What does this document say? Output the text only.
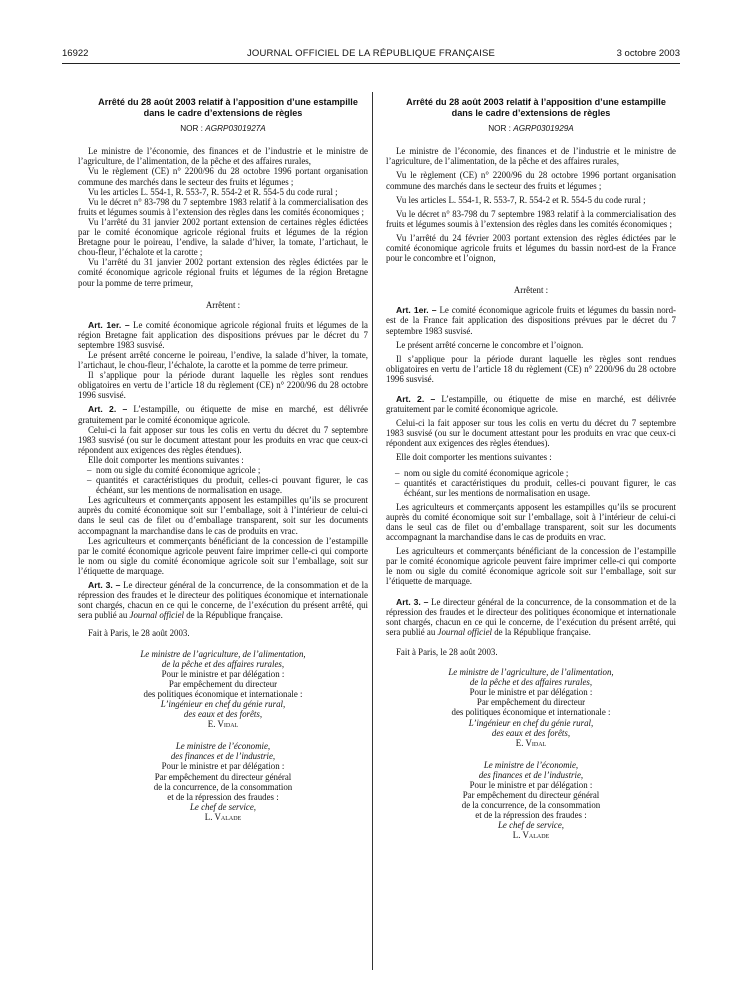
16922	JOURNAL OFFICIEL DE LA RÉPUBLIQUE FRANÇAISE	3 octobre 2003

Arrêté du 28 août 2003 relatif à l’apposition d’une estampille dans le cadre d’extensions de règles

NOR : AGRP0301927A

Le ministre de l’économie, des finances et de l’industrie et le ministre de l’agriculture, de l’alimentation, de la pêche et des affaires rurales,

Vu le règlement (CE) n° 2200/96 du 28 octobre 1996 portant organisation commune des marchés dans le secteur des fruits et légumes ;

Vu les articles L. 554-1, R. 553-7, R. 554-2 et R. 554-5 du code rural ;

Vu le décret n° 83-798 du 7 septembre 1983 relatif à la commercialisation des fruits et légumes soumis à l’extension des règles dans les comités économiques ;

Vu l’arrêté du 31 janvier 2002 portant extension de certaines règles édictées par le comité économique agricole régional fruits et légumes de la région Bretagne pour le poireau, l’endive, la salade d’hiver, la tomate, l’artichaut, le chou-fleur, l’échalote et la carotte ;

Vu l’arrêté du 31 janvier 2002 portant extension des règles édictées par le comité économique agricole régional fruits et légumes de la région Bretagne pour la pomme de terre primeur,

Arrêtent :

Art. 1er. – Le comité économique agricole régional fruits et légumes de la région Bretagne fait application des dispositions prévues par le décret du 7 septembre 1983 susvisé.

Le présent arrêté concerne le poireau, l’endive, la salade d’hiver, la tomate, l’artichaut, le chou-fleur, l’échalote, la carotte et la pomme de terre primeur.

Il s’applique pour la période durant laquelle les règles sont rendues obligatoires en vertu de l’article 18 du règlement (CE) n° 2200/96 du 28 octobre 1996 susvisé.

Art. 2. – L’estampille, ou étiquette de mise en marché, est délivrée gratuitement par le comité économique agricole.

Celui-ci la fait apposer sur tous les colis en vertu du décret du 7 septembre 1983 susvisé (ou sur le document attestant pour les produits en vrac que ceux-ci répondent aux exigences des règles étendues).

Elle doit comporter les mentions suivantes :

– nom ou sigle du comité économique agricole ;
– quantités et caractéristiques du produit, celles-ci pouvant figurer, le cas échéant, sur les mentions de normalisation en usage.

Les agriculteurs et commerçants apposent les estampilles qu’ils se procurent auprès du comité économique soit sur l’emballage, soit à l’intérieur de celui-ci dans le seul cas de filet ou d’emballage transparent, soit sur les documents accompagnant la marchandise dans le cas de produits en vrac.

Les agriculteurs et commerçants bénéficiant de la concession de l’estampille par le comité économique agricole peuvent faire imprimer celle-ci qui comporte le nom ou sigle du comité économique agricole soit sur l’emballage, soit sur l’étiquette de marquage.

Art. 3. – Le directeur général de la concurrence, de la consommation et de la répression des fraudes et le directeur des politiques économique et internationale sont chargés, chacun en ce qui le concerne, de l’exécution du présent arrêté, qui sera publié au Journal officiel de la République française.

Fait à Paris, le 28 août 2003.

Le ministre de l’agriculture, de l’alimentation,

de la pêche et des affaires rurales,

Pour le ministre et par délégation :

Par empêchement du directeur

des politiques économique et internationale :

L’ingénieur en chef du génie rural,

des eaux et des forêts,

E. Vidal

Le ministre de l’économie,

des finances et de l’industrie,

Pour le ministre et par délégation :

Par empêchement du directeur général

de la concurrence, de la consommation

et de la répression des fraudes :

Le chef de service,

L. Valade

Arrêté du 28 août 2003 relatif à l’apposition d’une estampille dans le cadre d’extensions de règles

NOR : AGRP0301929A

Le ministre de l’économie, des finances et de l’industrie et le ministre de l’agriculture, de l’alimentation, de la pêche et des affaires rurales,

Vu le règlement (CE) n° 2200/96 du 28 octobre 1996 portant organisation commune des marchés dans le secteur des fruits et légumes ;

Vu les articles L. 554-1, R. 553-7, R. 554-2 et R. 554-5 du code rural ;

Vu le décret n° 83-798 du 7 septembre 1983 relatif à la commercialisation des fruits et légumes soumis à l’extension des règles dans les comités économiques ;

Vu l’arrêté du 24 février 2003 portant extension des règles édictées par le comité économique agricole fruits et légumes du bassin nord-est de la France pour le concombre et l’oignon,

Arrêtent :

Art. 1er. – Le comité économique agricole fruits et légumes du bassin nord-est de la France fait application des dispositions prévues par le décret du 7 septembre 1983 susvisé.

Le présent arrêté concerne le concombre et l’oignon.

Il s’applique pour la période durant laquelle les règles sont rendues obligatoires en vertu de l’article 18 du règlement (CE) n° 2200/96 du 28 octobre 1996 susvisé.

Art. 2. – L’estampille, ou étiquette de mise en marché, est délivrée gratuitement par le comité économique agricole.

Celui-ci la fait apposer sur tous les colis en vertu du décret du 7 septembre 1983 susvisé (ou sur le document attestant pour les produits en vrac que ceux-ci répondent aux exigences des règles étendues).

Elle doit comporter les mentions suivantes :

– nom ou sigle du comité économique agricole ;
– quantités et caractéristiques du produit, celles-ci pouvant figurer, le cas échéant, sur les mentions de normalisation en usage.

Les agriculteurs et commerçants apposent les estampilles qu’ils se procurent auprès du comité économique soit sur l’emballage, soit à l’intérieur de celui-ci dans le seul cas de filet ou d’emballage transparent, soit sur les documents accompagnant la marchandise dans le cas de produits en vrac.

Les agriculteurs et commerçants bénéficiant de la concession de l’estampille par le comité économique agricole peuvent faire imprimer celle-ci qui comporte le nom ou sigle du comité économique agricole soit sur l’emballage, soit sur l’étiquette de marquage.

Art. 3. – Le directeur général de la concurrence, de la consommation et de la répression des fraudes et le directeur des politiques économique et internationale sont chargés, chacun en ce qui le concerne, de l’exécution du présent arrêté, qui sera publié au Journal officiel de la République française.

Fait à Paris, le 28 août 2003.

Le ministre de l’agriculture, de l’alimentation,

de la pêche et des affaires rurales,

Pour le ministre et par délégation :

Par empêchement du directeur

des politiques économique et internationale :

L’ingénieur en chef du génie rural,

des eaux et des forêts,

E. Vidal

Le ministre de l’économie,

des finances et de l’industrie,

Pour le ministre et par délégation :

Par empêchement du directeur général

de la concurrence, de la consommation

et de la répression des fraudes :

Le chef de service,

L. Valade
